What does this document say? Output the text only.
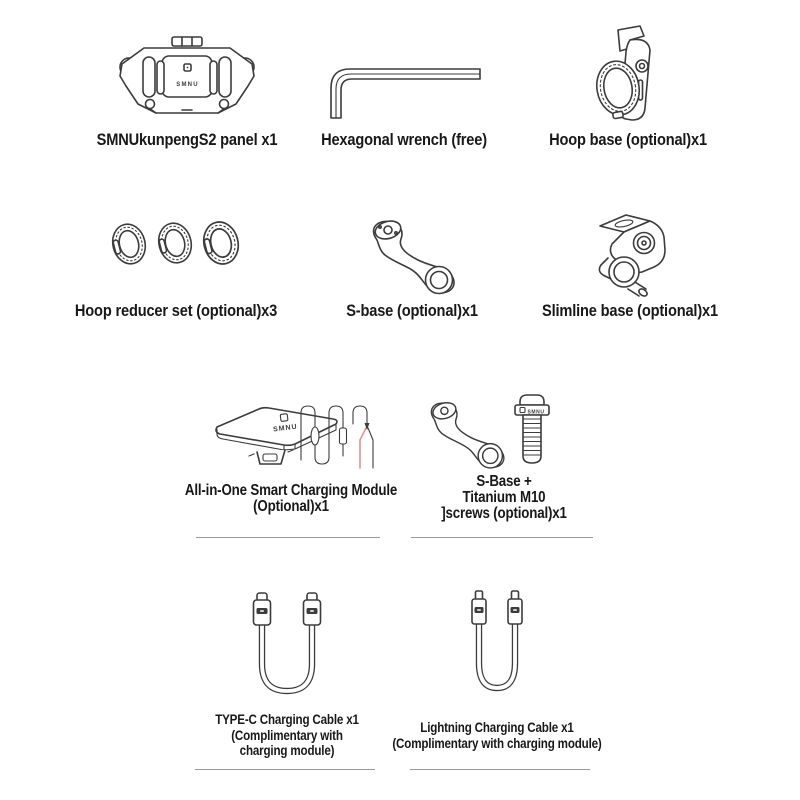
SMNU
SMNUkunpengS2 panel x1	Hexagonal wrench (free)	Hoop base (optional)x1
Hoop reducer set (optional)x3	S-base (optional)x1	Slimline base (optional)x1
SMNU
All-in-One Smart Charging Module
(Optional)x1
SMNU
S-Base +
Titanium M10
]screws (optional)x1
TYPE-C Charging Cable x1
(Complimentary with
charging module)
Lightning Charging Cable x1
(Complimentary with charging module)
